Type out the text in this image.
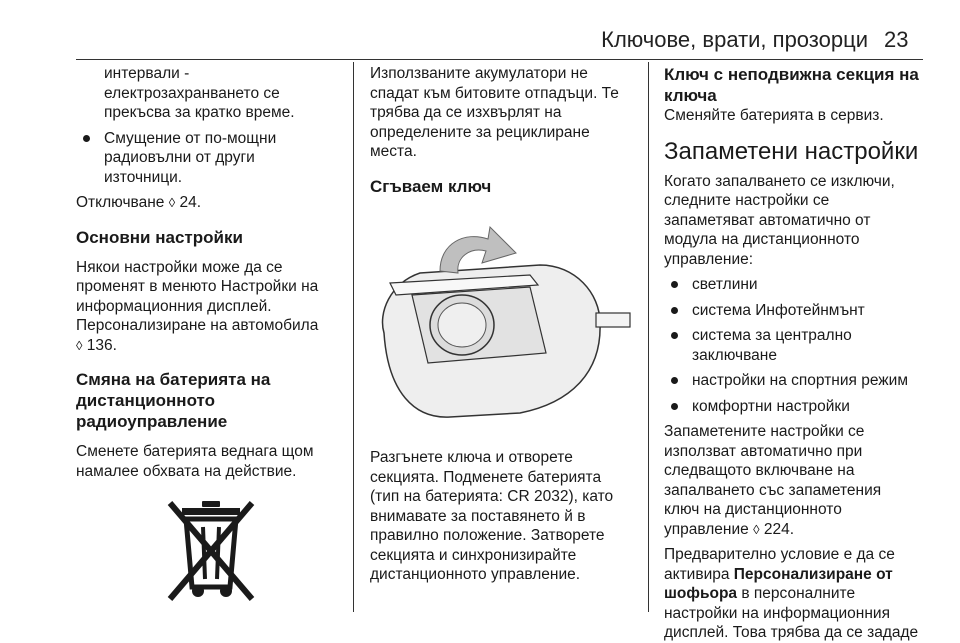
Ключове, врати, прозорци 23

интервали -

електрозахранването се

прекъсва за кратко време.

Смущение от по-мощни

радиовълни от други

източници.

Отключване ◊ 24.

Основни настройки

Някои настройки може да се

променят в менюто Настройки на

информационния дисплей.

Персонализиране на автомобила

◊ 136.

Смяна на батерията на

дистанционното

радиоуправление

Сменете батерията веднага щом

намалее обхвата на действие.

Използваните акумулатори не

спадат към битовите отпадъци. Те

трябва да се изхвърлят на

определените за рециклиране

места.

Сгъваем ключ

Разгънете ключа и отворете

секцията. Подменете батерията

(тип на батерията: CR 2032), като

внимавате за поставянето й в

правилно положение. Затворете

секцията и синхронизирайте

дистанционното управление.

Ключ с неподвижна секция на

ключа

Сменяйте батерията в сервиз.

Запаметени настройки

Когато запалването се изключи,

следните настройки се

запаметяват автоматично от

модула на дистанционното

управление:

светлини

система Инфотейнмънт

система за централно

заключване

настройки на спортния режим

комфортни настройки

Запаметените настройки се

използват автоматично при

следващото включване на

запалването със запаметения

ключ на дистанционното

управление ◊ 224.

Предварително условие е да се

активира Персонализиране от

шофьора в персоналните

настройки на информационния

дисплей. Това трябва да се зададе
